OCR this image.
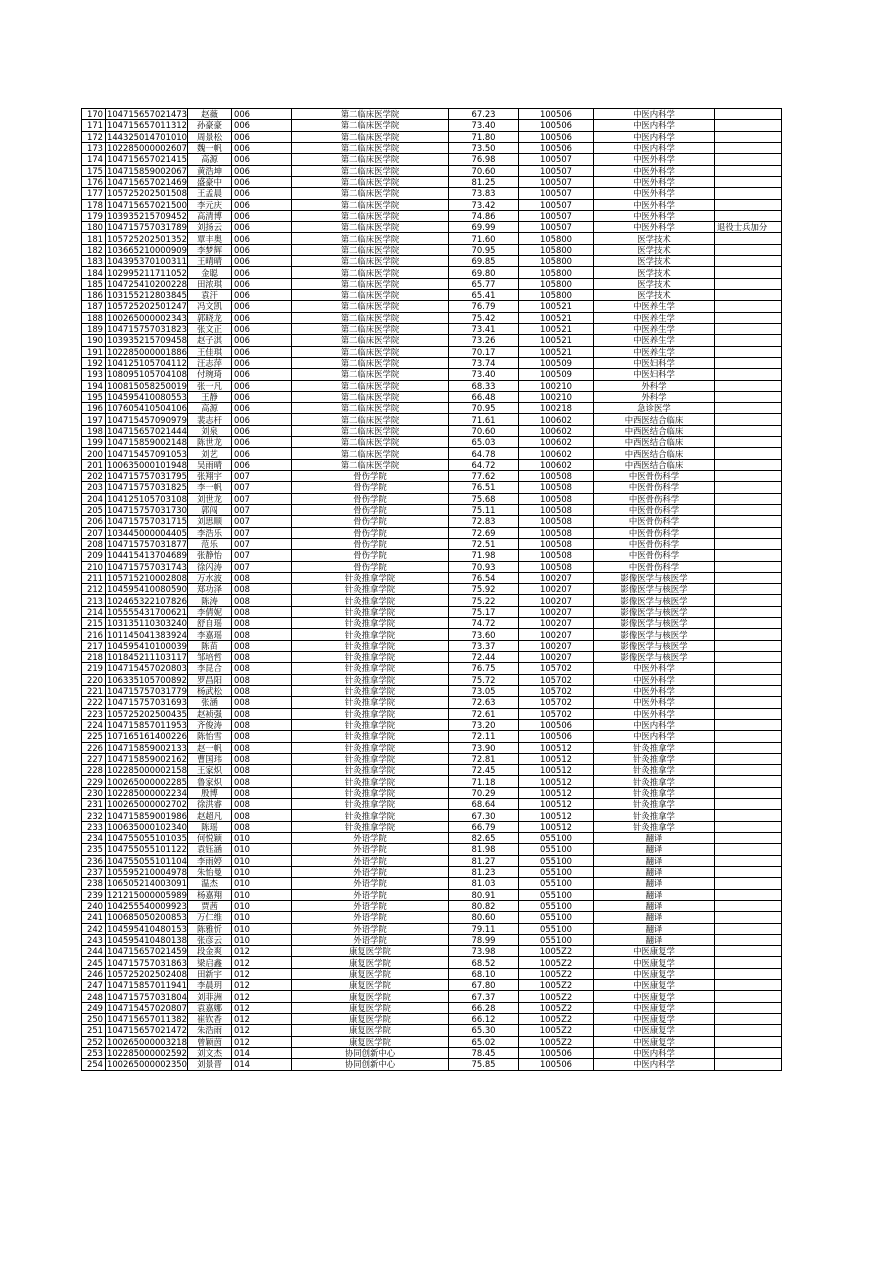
170	104715657021473	赵薇	006	第二临床医学院	67.23	100506	中医内科学	
171	104715657011312	孙豪豪	006	第二临床医学院	73.40	100506	中医内科学	
172	144325014701010	周景松	006	第二临床医学院	71.80	100506	中医内科学	
173	102285000002607	魏一帆	006	第二临床医学院	73.50	100506	中医内科学	
174	104715657021415	高源	006	第二临床医学院	76.98	100507	中医外科学	
175	104715859002067	黄浩坤	006	第二临床医学院	70.60	100507	中医外科学	
176	104715657021469	盛豪中	006	第二临床医学院	81.25	100507	中医外科学	
177	105725202501508	王孟晨	006	第二临床医学院	73.83	100507	中医外科学	
178	104715657021500	李元庆	006	第二临床医学院	73.42	100507	中医外科学	
179	103935215709452	高清博	006	第二临床医学院	74.86	100507	中医外科学	
180	104715757031789	刘扬云	006	第二临床医学院	69.99	100507	中医外科学	退役士兵加分
181	105725202501352	覃丰奥	006	第二临床医学院	71.60	105800	医学技术	
182	103665210000909	李梦辉	006	第二临床医学院	70.95	105800	医学技术	
183	104395370100311	王晴晴	006	第二临床医学院	69.85	105800	医学技术	
184	102995211711052	金聪	006	第二临床医学院	69.80	105800	医学技术	
185	104725410200228	田浓琪	006	第二临床医学院	65.77	105800	医学技术	
186	103155212803845	袁汗	006	第二临床医学院	65.41	105800	医学技术	
187	105725202501247	冯文凯	006	第二临床医学院	76.79	100521	中医养生学	
188	100265000002343	郭晓龙	006	第二临床医学院	75.42	100521	中医养生学	
189	104715757031823	张文正	006	第二临床医学院	73.41	100521	中医养生学	
190	103935215709458	赵子淇	006	第二临床医学院	73.26	100521	中医养生学	
191	102285000001886	王佳琪	006	第二临床医学院	70.17	100521	中医养生学	
192	104125105704112	汪志萍	006	第二临床医学院	73.74	100509	中医妇科学	
193	108095105704108	付琬琦	006	第二临床医学院	73.40	100509	中医妇科学	
194	100815058250019	张一凡	006	第二临床医学院	68.33	100210	外科学	
195	104595410080553	王静	006	第二临床医学院	66.48	100210	外科学	
196	107605410504106	高源	006	第二临床医学院	70.95	100218	急诊医学	
197	104715457090979	裴志杆	006	第二临床医学院	71.61	100602	中西医结合临床	
198	104715657021444	刘泉	006	第二临床医学院	70.60	100602	中西医结合临床	
199	104715859002148	陈世龙	006	第二临床医学院	65.03	100602	中西医结合临床	
200	104715457091053	刘艺	006	第二临床医学院	64.78	100602	中西医结合临床	
201	100635000101948	吴雨晴	006	第二临床医学院	64.72	100602	中西医结合临床	
202	104715757031795	张翔宇	007	骨伤学院	77.62	100508	中医骨伤科学	
203	104715757031825	李一帆	007	骨伤学院	76.51	100508	中医骨伤科学	
204	104125105703108	刘世龙	007	骨伤学院	75.68	100508	中医骨伤科学	
205	104715757031730	郭闯	007	骨伤学院	75.11	100508	中医骨伤科学	
206	104715757031715	刘思顺	007	骨伤学院	72.83	100508	中医骨伤科学	
207	103445000004405	李浩乐	007	骨伤学院	72.69	100508	中医骨伤科学	
208	104715757031877	范乐	007	骨伤学院	72.51	100508	中医骨伤科学	
209	104415413704689	张静怡	007	骨伤学院	71.98	100508	中医骨伤科学	
210	104715757031743	徐闪涛	007	骨伤学院	70.93	100508	中医骨伤科学	
211	105715210002808	万水波	008	针灸推拿学院	76.54	100207	影像医学与核医学	
212	104595410080590	郑功泽	008	针灸推拿学院	75.92	100207	影像医学与核医学	
213	102465322107826	陈涛	008	针灸推拿学院	75.22	100207	影像医学与核医学	
214	105555431700621	李倩妮	008	针灸推拿学院	75.17	100207	影像医学与核医学	
215	103135110303240	舒自瑶	008	针灸推拿学院	74.72	100207	影像医学与核医学	
216	101145041383924	李嘉瑶	008	针灸推拿学院	73.60	100207	影像医学与核医学	
217	104595410100039	陈苗	008	针灸推拿学院	73.37	100207	影像医学与核医学	
218	101845211103117	邹培哲	008	针灸推拿学院	72.44	100207	影像医学与核医学	
219	104715457020803	李昆合	008	针灸推拿学院	76.75	105702	中医外科学	
220	106335105700892	罗昌阳	008	针灸推拿学院	75.72	105702	中医外科学	
221	104715757031779	杨武松	008	针灸推拿学院	73.05	105702	中医外科学	
222	104715757031693	张涵	008	针灸推拿学院	72.63	105702	中医外科学	
223	105725202500435	赵祯强	008	针灸推拿学院	72.61	105702	中医外科学	
224	104715857011953	齐俊涛	008	针灸推拿学院	73.20	100506	中医内科学	
225	107165161400226	陈怡雪	008	针灸推拿学院	72.11	100506	中医内科学	
226	104715859002133	赵一帆	008	针灸推拿学院	73.90	100512	针灸推拿学	
227	104715859002162	曹国玮	008	针灸推拿学院	72.81	100512	针灸推拿学	
228	102285000002158	王家炽	008	针灸推拿学院	72.45	100512	针灸推拿学	
229	100265000002285	鲁家炽	008	针灸推拿学院	71.18	100512	针灸推拿学	
230	102285000002234	殷博	008	针灸推拿学院	70.29	100512	针灸推拿学	
231	100265000002702	徐洪睿	008	针灸推拿学院	68.64	100512	针灸推拿学	
232	104715859001986	赵超凡	008	针灸推拿学院	67.30	100512	针灸推拿学	
233	100635000102340	陈瑶	008	针灸推拿学院	66.79	100512	针灸推拿学	
234	104755055101035	何悦颖	010	外语学院	82.65	055100	翻译	
235	104755055101122	袁钰涵	010	外语学院	81.98	055100	翻译	
236	104755055101104	李雨婷	010	外语学院	81.27	055100	翻译	
237	105595210004978	朱怡曼	010	外语学院	81.23	055100	翻译	
238	106505214003091	温杰	010	外语学院	81.03	055100	翻译	
239	121215000005989	杨嘉翔	010	外语学院	80.91	055100	翻译	
240	104255540009923	贾茜	010	外语学院	80.82	055100	翻译	
241	100685050200853	万仁维	010	外语学院	80.60	055100	翻译	
242	104595410480153	陈雅忻	010	外语学院	79.11	055100	翻译	
243	104595410480138	张彦云	010	外语学院	78.99	055100	翻译	
244	104715657021459	段金爽	012	康复医学院	73.98	1005Z2	中医康复学	
245	104715757031863	梁启鑫	012	康复医学院	68.52	1005Z2	中医康复学	
246	105725202502408	田新宇	012	康复医学院	68.10	1005Z2	中医康复学	
247	104715857011941	李晨玥	012	康复医学院	67.80	1005Z2	中医康复学	
248	104715757031804	刘菲洲	012	康复医学院	67.37	1005Z2	中医康复学	
249	104715457020807	袁嘉娜	012	康复医学院	66.28	1005Z2	中医康复学	
250	104715657011382	崔钦香	012	康复医学院	66.12	1005Z2	中医康复学	
251	104715657021472	朱浩雨	012	康复医学院	65.30	1005Z2	中医康复学	
252	100265000003218	曾颖茵	012	康复医学院	65.02	1005Z2	中医康复学	
253	102285000002592	刘文杰	014	协同创新中心	78.45	100506	中医内科学	
254	100265000002350	刘景晋	014	协同创新中心	75.85	100506	中医内科学	
